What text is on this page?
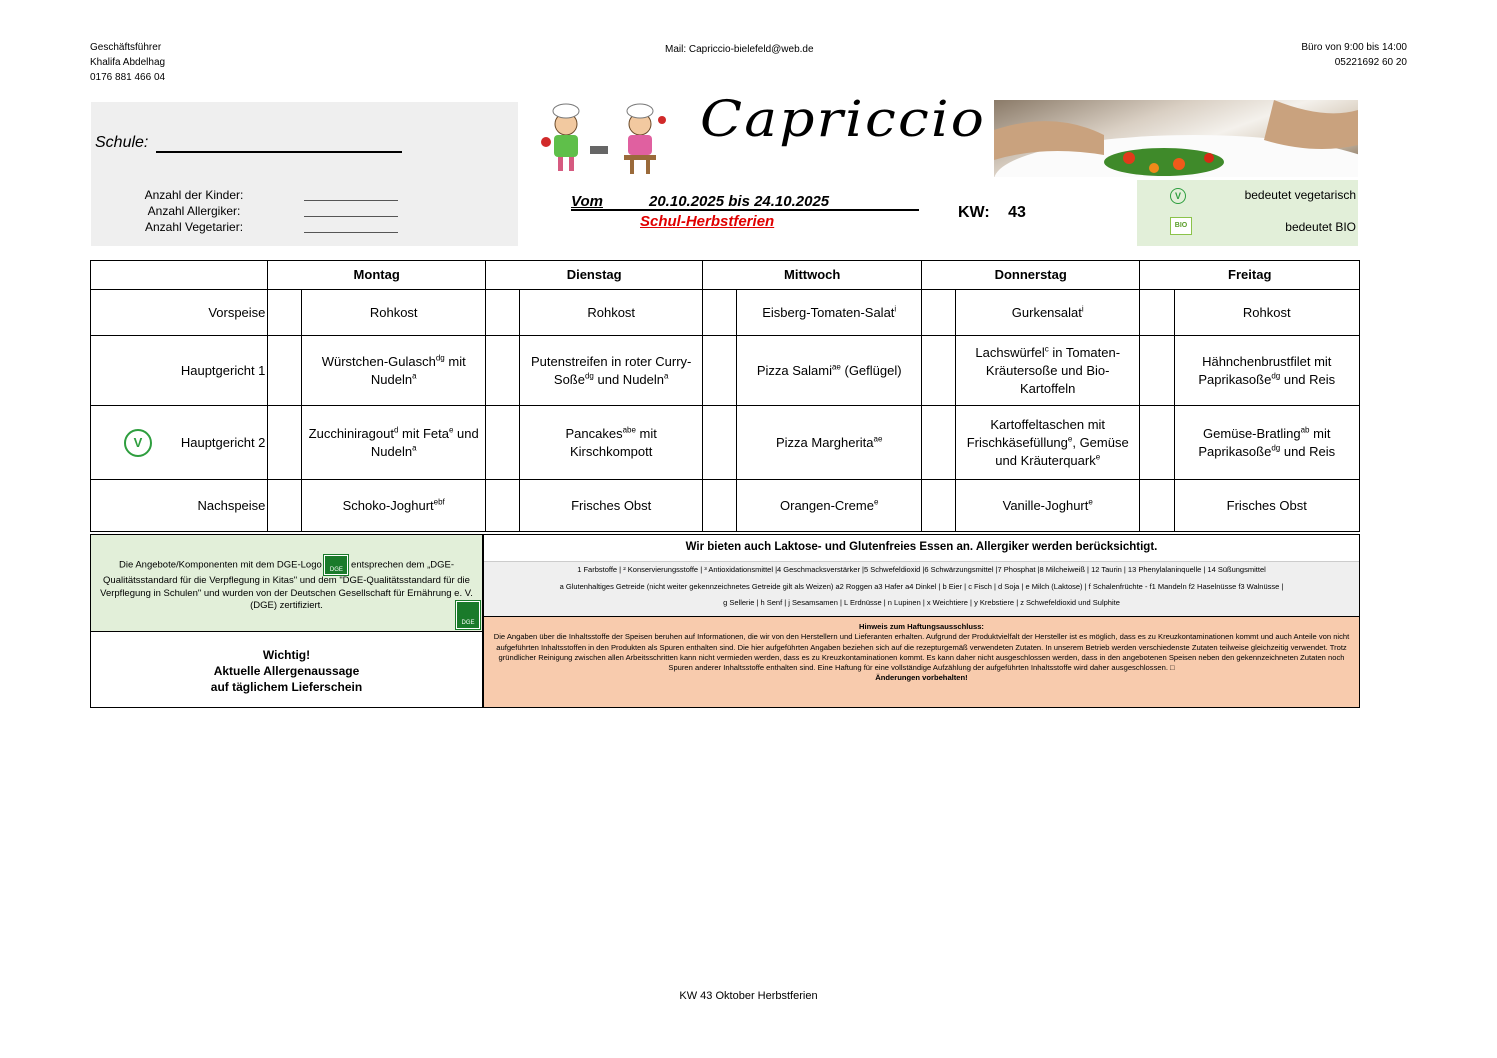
Geschäftsführer
Khalifa Abdelhag
0176 881 466 04
Mail: Capriccio-bielefeld@web.de	Büro von 9:00 bis 14:00
05221692 60 20
Schule:
Anzahl der Kinder:
Anzahl Allergiker:
Anzahl Vegetarier:
Capriccio
Vom	20.10.2025 bis 24.10.2025
Schul-Herbstferien
KW: 43
V	bedeutet vegetarisch
BIO	bedeutet BIO
	Montag		Dienstag		Mittwoch		Donnerstag		Freitag	
Vorspeise		Rohkost		Rohkost		Eisberg-Tomaten-Salat$^i$		Gurkensalat$^i$		Rohkost
Hauptgericht 1		Würstchen-Gulasch$^{dg}$ mit Nudeln$^a$		Putenstreifen in roter Curry-Soße$^{dg}$ und Nudeln$^a$		Pizza Salami$^{ae}$ (Geflügel)		Lachswürfel$^c$ in Tomaten-Kräutersoße und Bio-Kartoffeln		Hähnchenbrustfilet mit Paprikasoße$^{dg}$ und Reis

V Hauptgericht 2		Zucchiniragout$^d$ mit Feta$^e$ und Nudeln$^a$		Pancakes$^{abe}$ mit Kirschkompott		Pizza Margherita$^{ae}$		Kartoffeltaschen mit Frischkäsefüllung$^e$, Gemüse und Kräuterquark$^e$		Gemüse-Bratling$^{ab}$ mit Paprikasoße$^{dg}$ und Reis
Nachspeise		Schoko-Joghurt$^{ebf}$		Frisches Obst		Orangen-Creme$^e$		Vanille-Joghurt$^e$		Frisches Obst
Die Angebote/Komponenten mit dem DGE-Logo DGE entsprechen dem „DGE-Qualitätsstandard für die Verpflegung in Kitas" und dem "DGE-Qualitätsstandard für die Verpflegung in Schulen" und wurden von der Deutschen Gesellschaft für Ernährung e. V. (DGE) zertifiziert.
DGE
Wichtig!
Aktuelle Allergenaussage
auf täglichem Lieferschein
Wir bieten auch Laktose- und Glutenfreies Essen an. Allergiker werden berücksichtigt.
1 Farbstoffe | ² Konservierungsstoffe | ³ Antioxidationsmittel |4 Geschmacksverstärker |5 Schwefeldioxid |6 Schwärzungsmittel |7 Phosphat |8 Milcheiweiß | 12 Taurin | 13 Phenylalaninquelle | 14 Süßungsmittel
a Glutenhaltiges Getreide (nicht weiter gekennzeichnetes Getreide gilt als Weizen) a2 Roggen a3 Hafer a4 Dinkel | b Eier | c Fisch | d Soja | e Milch (Laktose) | f Schalenfrüchte - f1 Mandeln f2 Haselnüsse f3 Walnüsse |
g Sellerie | h Senf | j Sesamsamen | L Erdnüsse | n Lupinen | x Weichtiere | y Krebstiere | z Schwefeldioxid und Sulphite
Hinweis zum Haftungsausschluss:
Die Angaben über die Inhaltsstoffe der Speisen beruhen auf Informationen, die wir von den Herstellern und Lieferanten erhalten. Aufgrund der Produktvielfalt der Hersteller ist es möglich, dass es zu Kreuzkontaminationen kommt und auch Anteile von nicht aufgeführten Inhaltsstoffen in den Produkten als Spuren enthalten sind. Die hier aufgeführten Angaben beziehen sich auf die rezepturgemäß verwendeten Zutaten. In unserem Betrieb werden verschiedenste Zutaten teilweise gleichzeitig verwendet. Trotz gründlicher Reinigung zwischen allen Arbeitsschritten kann nicht vermieden werden, dass es zu Kreuzkontaminationen kommt. Es kann daher nicht ausgeschlossen werden, dass in den angebotenen Speisen neben den gekennzeichneten Zutaten noch Spuren anderer Inhaltsstoffe enthalten sind. Eine Haftung für eine vollständige Aufzählung der aufgeführten Inhaltsstoffe wird daher ausgeschlossen. □
Änderungen vorbehalten!
KW 43 Oktober Herbstferien
